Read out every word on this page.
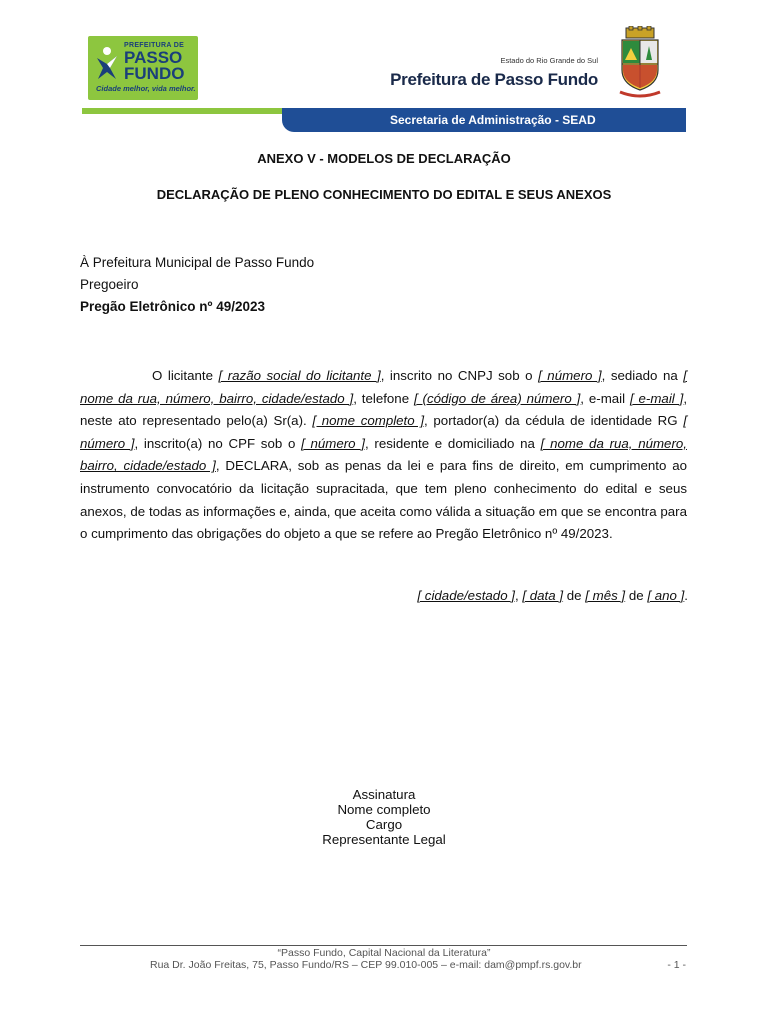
PREFEITURA DE
PASSO
FUNDO
Cidade melhor, vida melhor.
Estado do Rio Grande do Sul
Prefeitura de Passo Fundo
Secretaria de Administração - SEAD
ANEXO V - MODELOS DE DECLARAÇÃO
DECLARAÇÃO DE PLENO CONHECIMENTO DO EDITAL E SEUS ANEXOS
À Prefeitura Municipal de Passo Fundo
Pregoeiro
Pregão Eletrônico nº 49/2023

O licitante [ razão social do licitante ], inscrito no CNPJ sob o [ número ], sediado na [ nome da rua, número, bairro, cidade/estado ], telefone [ (código de área) número ], e-mail [ e-mail ], neste ato representado pelo(a) Sr(a). [ nome completo ], portador(a) da cédula de identidade RG [ número ], inscrito(a) no CPF sob o [ número ], residente e domiciliado na [ nome da rua, número, bairro, cidade/estado ], DECLARA, sob as penas da lei e para fins de direito, em cumprimento ao instrumento convocatório da licitação supracitada, que tem pleno conhecimento do edital e seus anexos, de todas as informações e, ainda, que aceita como válida a situação em que se encontra para o cumprimento das obrigações do objeto a que se refere ao Pregão Eletrônico nº 49/2023.

[ cidade/estado ], [ data ] de [ mês ] de [ ano ].
Assinatura
Nome completo
Cargo
Representante Legal
“Passo Fundo, Capital Nacional da Literatura”
Rua Dr. João Freitas, 75, Passo Fundo/RS – CEP 99.010-005 – e-mail: dam@pmpf.rs.gov.br	- 1 -
